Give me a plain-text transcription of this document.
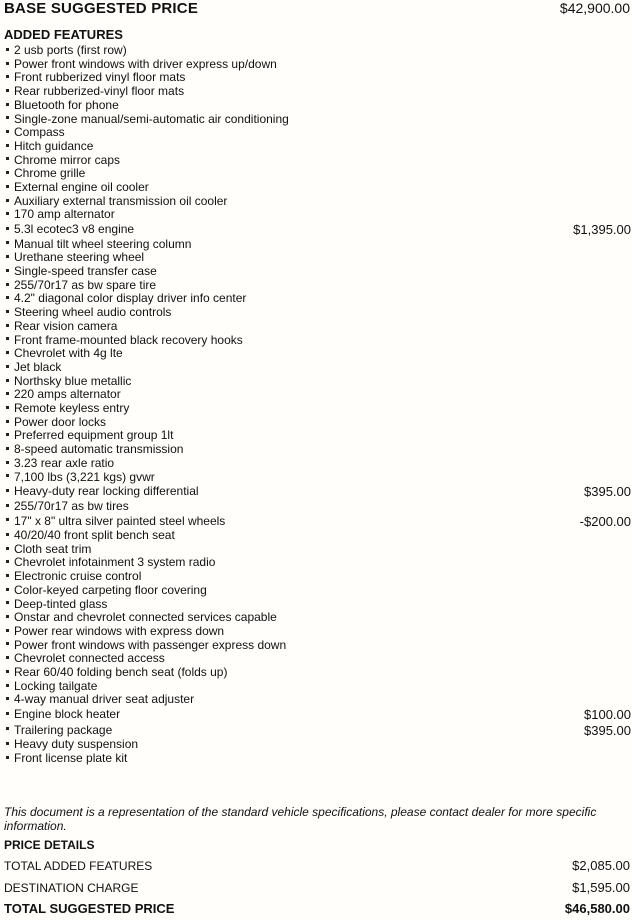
BASE SUGGESTED PRICE	$42,900.00
ADDED FEATURES
2 usb ports (first row)
Power front windows with driver express up/down
Front rubberized vinyl floor mats
Rear rubberized-vinyl floor mats
Bluetooth for phone
Single-zone manual/semi-automatic air conditioning
Compass
Hitch guidance
Chrome mirror caps
Chrome grille
External engine oil cooler
Auxiliary external transmission oil cooler
170 amp alternator
5.3l ecotec3 v8 engine	$1,395.00
Manual tilt wheel steering column
Urethane steering wheel
Single-speed transfer case
255/70r17 as bw spare tire
4.2" diagonal color display driver info center
Steering wheel audio controls
Rear vision camera
Front frame-mounted black recovery hooks
Chevrolet with 4g lte
Jet black
Northsky blue metallic
220 amps alternator
Remote keyless entry
Power door locks
Preferred equipment group 1lt
8-speed automatic transmission
3.23 rear axle ratio
7,100 lbs (3,221 kgs) gvwr
Heavy-duty rear locking differential	$395.00
255/70r17 as bw tires
17" x 8" ultra silver painted steel wheels	-$200.00
40/20/40 front split bench seat
Cloth seat trim
Chevrolet infotainment 3 system radio
Electronic cruise control
Color-keyed carpeting floor covering
Deep-tinted glass
Onstar and chevrolet connected services capable
Power rear windows with express down
Power front windows with passenger express down
Chevrolet connected access
Rear 60/40 folding bench seat (folds up)
Locking tailgate
4-way manual driver seat adjuster
Engine block heater	$100.00
Trailering package	$395.00
Heavy duty suspension
Front license plate kit
This document is a representation of the standard vehicle specifications, please contact dealer for more specific information.
PRICE DETAILS
TOTAL ADDED FEATURES	$2,085.00
DESTINATION CHARGE	$1,595.00
TOTAL SUGGESTED PRICE	$46,580.00
